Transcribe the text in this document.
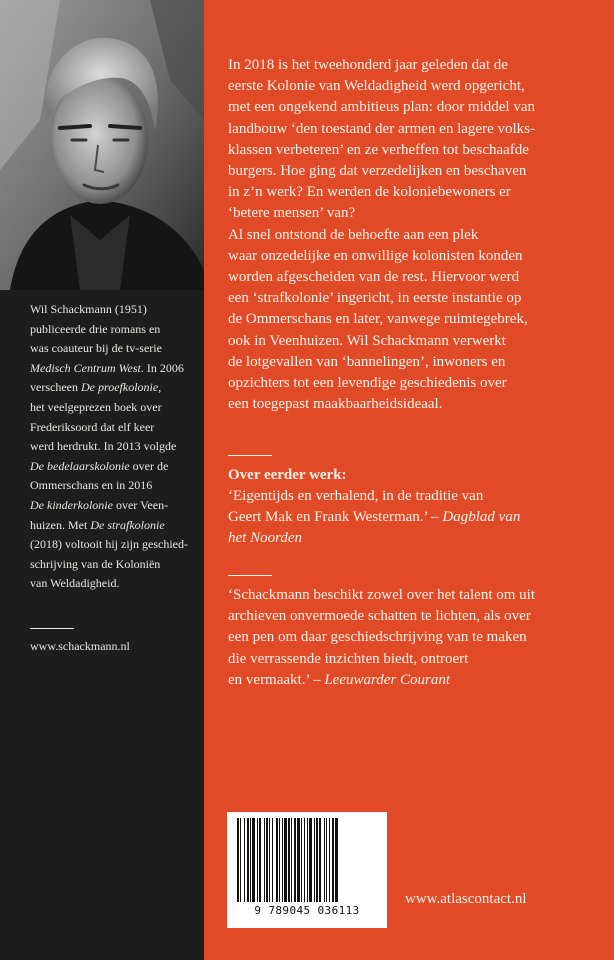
Wil Schackmann (1951)
publiceerde drie romans en
was coauteur bij de tv-serie
Medisch Centrum West. In 2006
verscheen De proefkolonie,
het veelgeprezen boek over
Frederiksoord dat elf keer
werd herdrukt. In 2013 volgde
De bedelaarskolonie over de
Ommerschans en in 2016
De kinderkolonie over Veen-
huizen. Met De strafkolonie
(2018) voltooit hij zijn geschied-
schrijving van de Koloniën
van Weldadigheid.
www.schackmann.nl
In 2018 is het tweehonderd jaar geleden dat de
eerste Kolonie van Weldadigheid werd opgericht,
met een ongekend ambitieus plan: door middel van
landbouw ‘den toestand der armen en lagere volks-
klassen verbeteren’ en ze verheffen tot beschaafde
burgers. Hoe ging dat verzedelijken en beschaven
in z’n werk? En werden de koloniebewoners er
‘betere mensen’ van?
Al snel ontstond de behoefte aan een plek
waar onzedelijke en onwillige kolonisten konden
worden afgescheiden van de rest. Hiervoor werd
een ‘strafkolonie’ ingericht, in eerste instantie op
de Ommerschans en later, vanwege ruimtegebrek,
ook in Veenhuizen. Wil Schackmann verwerkt
de lotgevallen van ‘bannelingen’, inwoners en
opzichters tot een levendige geschiedenis over
een toegepast maakbaarheidsideaal.
Over eerder werk:
‘Eigentijds en verhalend, in de traditie van
Geert Mak en Frank Westerman.’ – Dagblad van
het Noorden
‘Schackmann beschikt zowel over het talent om uit
archieven onvermoede schatten te lichten, als over
een pen om daar geschiedschrijving van te maken
die verrassende inzichten biedt, ontroert
en vermaakt.’ – Leeuwarder Courant
9 789045 036113
www.atlascontact.nl
